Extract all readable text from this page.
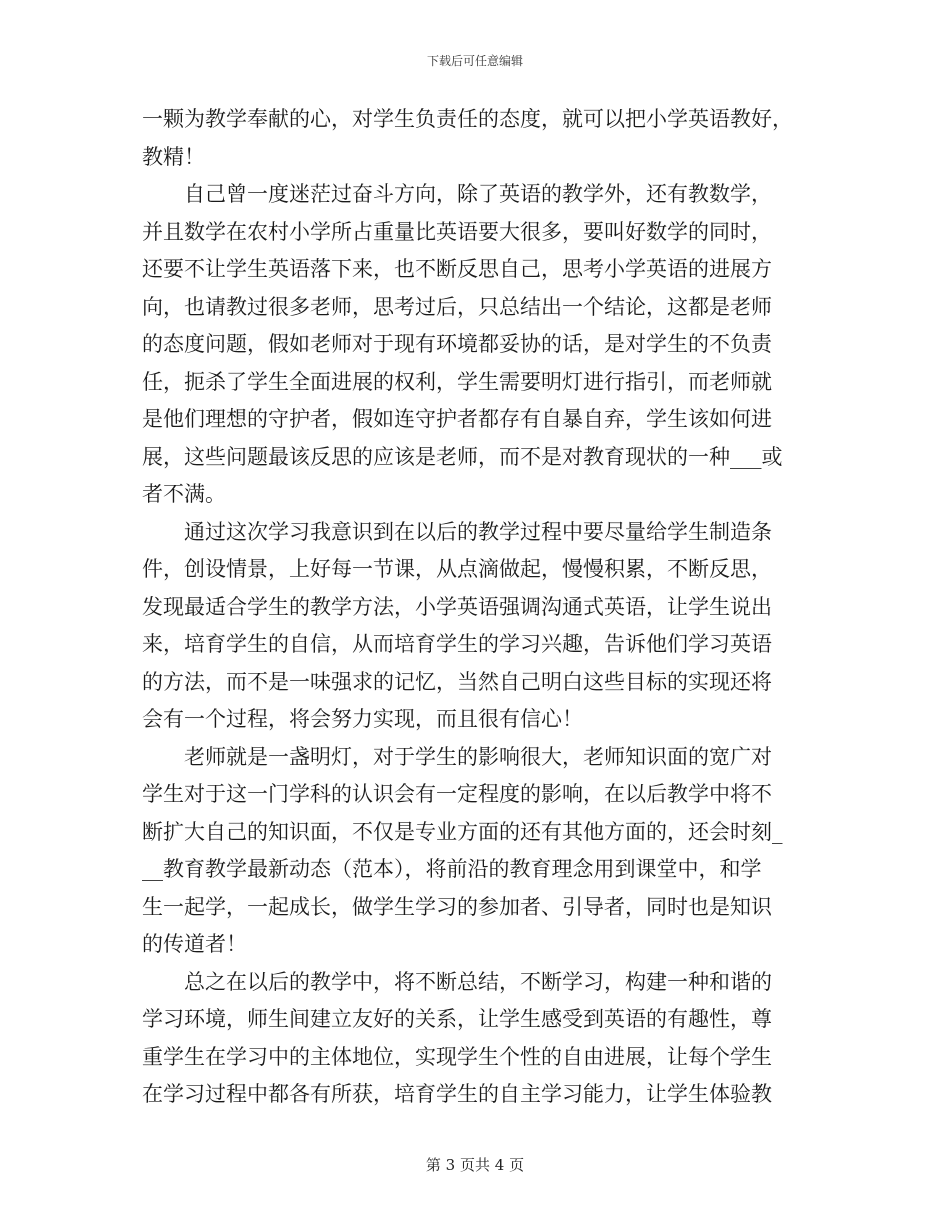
下载后可任意编辑
一颗为教学奉献的心，对学生负责任的态度，就可以把小学英语教好，
教精！
　　自己曾一度迷茫过奋斗方向，除了英语的教学外，还有教数学，
并且数学在农村小学所占重量比英语要大很多，要叫好数学的同时，
还要不让学生英语落下来，也不断反思自己，思考小学英语的进展方
向，也请教过很多老师，思考过后，只总结出一个结论，这都是老师
的态度问题，假如老师对于现有环境都妥协的话，是对学生的不负责
任，扼杀了学生全面进展的权利，学生需要明灯进行指引，而老师就
是他们理想的守护者，假如连守护者都存有自暴自弃，学生该如何进
展，这些问题最该反思的应该是老师，而不是对教育现状的一种___或
者不满。
　　通过这次学习我意识到在以后的教学过程中要尽量给学生制造条
件，创设情景，上好每一节课，从点滴做起，慢慢积累，不断反思，
发现最适合学生的教学方法，小学英语强调沟通式英语，让学生说出
来，培育学生的自信，从而培育学生的学习兴趣，告诉他们学习英语
的方法，而不是一味强求的记忆，当然自己明白这些目标的实现还将
会有一个过程，将会努力实现，而且很有信心！
　　老师就是一盏明灯，对于学生的影响很大，老师知识面的宽广对
学生对于这一门学科的认识会有一定程度的影响，在以后教学中将不
断扩大自己的知识面，不仅是专业方面的还有其他方面的，还会时刻_
__教育教学最新动态（范本），将前沿的教育理念用到课堂中，和学
生一起学，一起成长，做学生学习的参加者、引导者，同时也是知识
的传道者！
　　总之在以后的教学中，将不断总结，不断学习，构建一种和谐的
学习环境，师生间建立友好的关系，让学生感受到英语的有趣性，尊
重学生在学习中的主体地位，实现学生个性的自由进展，让每个学生
在学习过程中都各有所获，培育学生的自主学习能力，让学生体验教
第 3 页共 4 页
